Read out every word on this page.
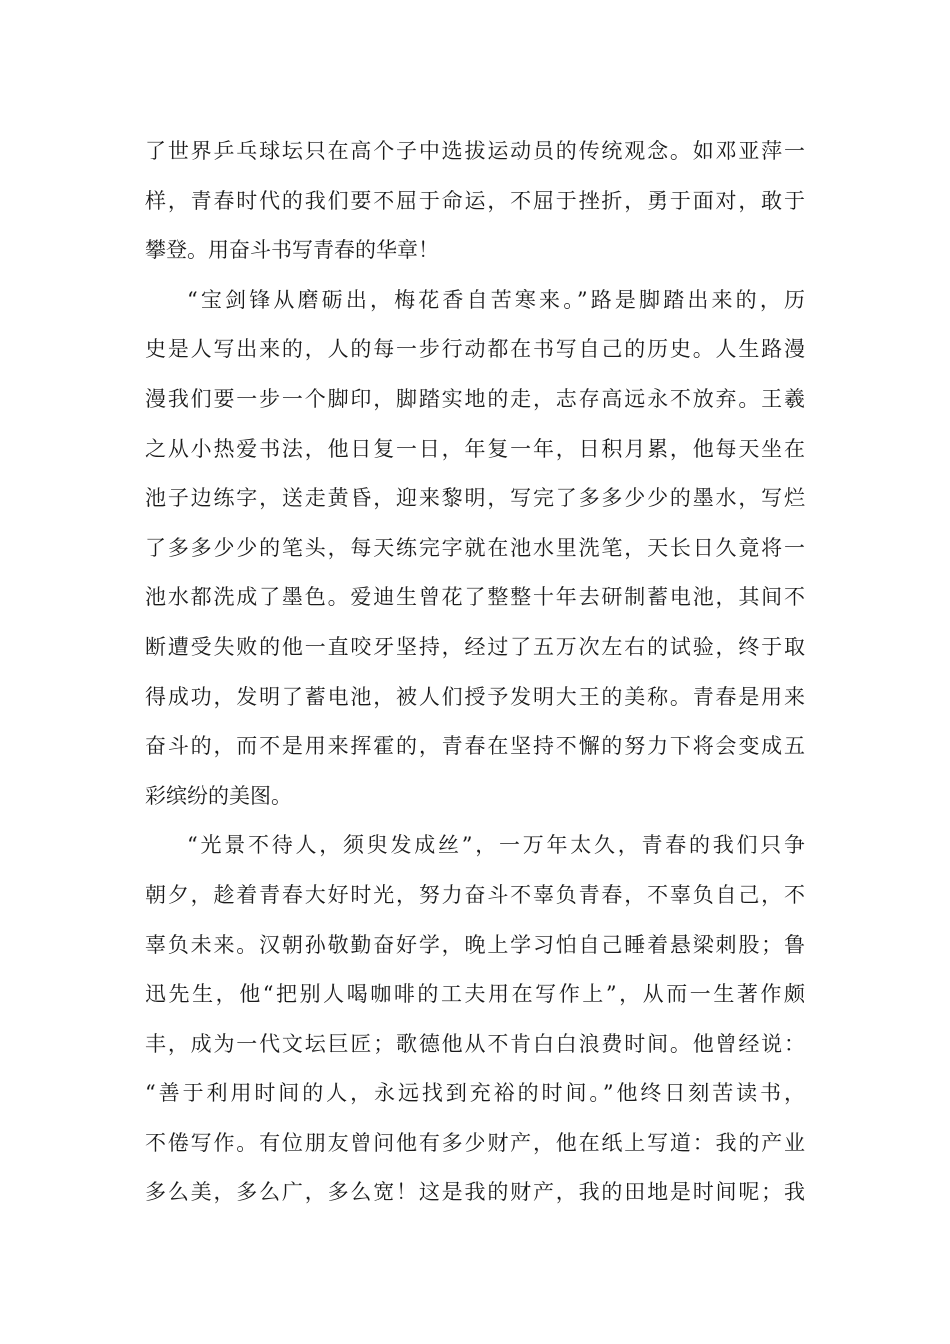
了世界乒乓球坛只在高个子中选拔运动员的传统观念。如邓亚萍一
样，青春时代的我们要不屈于命运，不屈于挫折，勇于面对，敢于
攀登。用奋斗书写青春的华章！
“宝剑锋从磨砺出，梅花香自苦寒来。”路是脚踏出来的，历
史是人写出来的，人的每一步行动都在书写自己的历史。人生路漫
漫我们要一步一个脚印，脚踏实地的走，志存高远永不放弃。王羲
之从小热爱书法，他日复一日，年复一年，日积月累，他每天坐在
池子边练字，送走黄昏，迎来黎明，写完了多多少少的墨水，写烂
了多多少少的笔头，每天练完字就在池水里洗笔，天长日久竟将一
池水都洗成了墨色。爱迪生曾花了整整十年去研制蓄电池，其间不
断遭受失败的他一直咬牙坚持，经过了五万次左右的试验，终于取
得成功，发明了蓄电池，被人们授予发明大王的美称。青春是用来
奋斗的，而不是用来挥霍的，青春在坚持不懈的努力下将会变成五
彩缤纷的美图。
“光景不待人，须臾发成丝”，一万年太久，青春的我们只争
朝夕，趁着青春大好时光，努力奋斗不辜负青春，不辜负自己，不
辜负未来。汉朝孙敬勤奋好学，晚上学习怕自己睡着悬梁刺股；鲁
迅先生，他“把别人喝咖啡的工夫用在写作上”，从而一生著作颇
丰，成为一代文坛巨匠；歌德他从不肯白白浪费时间。他曾经说：
“善于利用时间的人，永远找到充裕的时间。”他终日刻苦读书，
不倦写作。有位朋友曾问他有多少财产，他在纸上写道：我的产业
多么美，多么广，多么宽！这是我的财产，我的田地是时间呢；我
